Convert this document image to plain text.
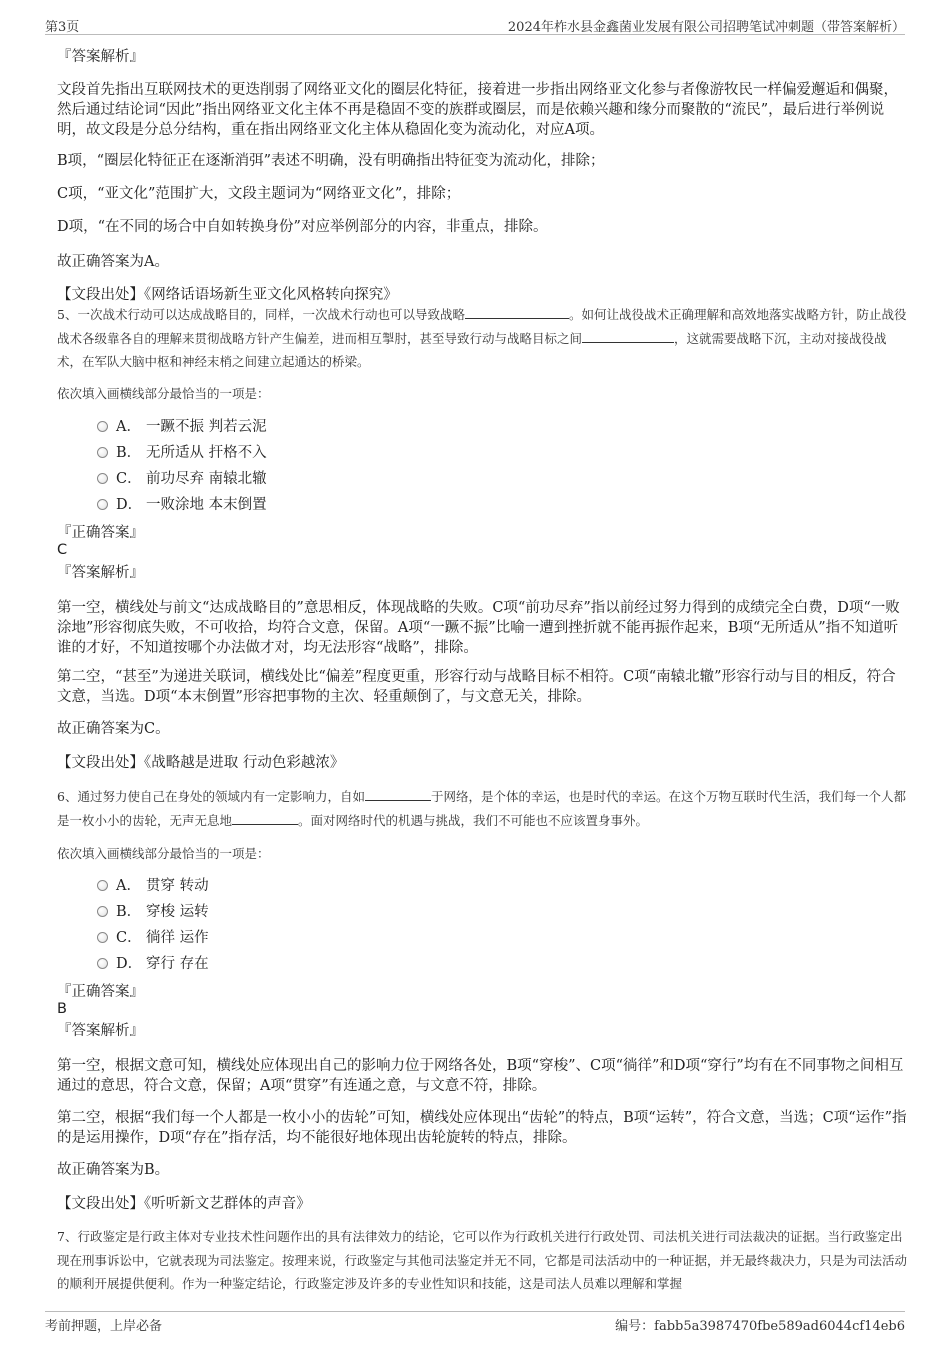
第3页	2024年柞水县金鑫菌业发展有限公司招聘笔试冲刺题（带答案解析）
『答案解析』
文段首先指出互联网技术的更迭削弱了网络亚文化的圈层化特征，接着进一步指出网络亚文化参与者像游牧民一样偏爱邂逅和偶聚，然后通过结论词“因此”指出网络亚文化主体不再是稳固不变的族群或圈层，而是依赖兴趣和缘分而聚散的“流民”，最后进行举例说明，故文段是分总分结构，重在指出网络亚文化主体从稳固化变为流动化，对应A项。
B项，“圈层化特征正在逐渐消弭”表述不明确，没有明确指出特征变为流动化，排除；
C项，“亚文化”范围扩大，文段主题词为“网络亚文化”，排除；
D项，“在不同的场合中自如转换身份”对应举例部分的内容，非重点，排除。
故正确答案为A。
【文段出处】《网络话语场新生亚文化风格转向探究》
5、一次战术行动可以达成战略目的，同样，一次战术行动也可以导致战略	。如何让战役战术正确理解和高效地落实战略方针，防止战役战术各级靠各自的理解来贯彻战略方针产生偏差，进而相互掣肘，甚至导致行动与战略目标之间	，这就需要战略下沉，主动对接战役战术，在军队大脑中枢和神经末梢之间建立起通达的桥梁。
依次填入画横线部分最恰当的一项是：
A． 一蹶不振 判若云泥
B． 无所适从 扞格不入
C． 前功尽弃 南辕北辙
D． 一败涂地 本末倒置
『正确答案』
C
『答案解析』
第一空，横线处与前文“达成战略目的”意思相反，体现战略的失败。C项“前功尽弃”指以前经过努力得到的成绩完全白费，D项“一败涂地”形容彻底失败，不可收拾，均符合文意，保留。A项“一蹶不振”比喻一遭到挫折就不能再振作起来，B项“无所适从”指不知道听谁的才好，不知道按哪个办法做才对，均无法形容“战略”，排除。
第二空，“甚至”为递进关联词，横线处比“偏差”程度更重，形容行动与战略目标不相符。C项“南辕北辙”形容行动与目的相反，符合文意，当选。D项“本末倒置”形容把事物的主次、轻重颠倒了，与文意无关，排除。
故正确答案为C。
【文段出处】《战略越是进取 行动色彩越浓》
6、通过努力使自己在身处的领域内有一定影响力，自如	于网络，是个体的幸运，也是时代的幸运。在这个万物互联时代生活，我们每一个人都是一枚小小的齿轮，无声无息地	。面对网络时代的机遇与挑战，我们不可能也不应该置身事外。
依次填入画横线部分最恰当的一项是：
A． 贯穿 转动
B． 穿梭 运转
C． 徜徉 运作
D． 穿行 存在
『正确答案』
B
『答案解析』
第一空，根据文意可知，横线处应体现出自己的影响力位于网络各处，B项“穿梭”、C项“徜徉”和D项“穿行”均有在不同事物之间相互通过的意思，符合文意，保留；A项“贯穿”有连通之意，与文意不符，排除。
第二空，根据“我们每一个人都是一枚小小的齿轮”可知，横线处应体现出“齿轮”的特点，B项“运转”，符合文意，当选；C项“运作”指的是运用操作，D项“存在”指存活，均不能很好地体现出齿轮旋转的特点，排除。
故正确答案为B。
【文段出处】《听听新文艺群体的声音》
7、行政鉴定是行政主体对专业技术性问题作出的具有法律效力的结论，它可以作为行政机关进行行政处罚、司法机关进行司法裁决的证据。当行政鉴定出现在刑事诉讼中，它就表现为司法鉴定。按理来说，行政鉴定与其他司法鉴定并无不同，它都是司法活动中的一种证据，并无最终裁决力，只是为司法活动的顺利开展提供便利。作为一种鉴定结论，行政鉴定涉及许多的专业性知识和技能，这是司法人员难以理解和掌握
考前押题，上岸必备	编号：fabb5a3987470fbe589ad6044cf14eb6
